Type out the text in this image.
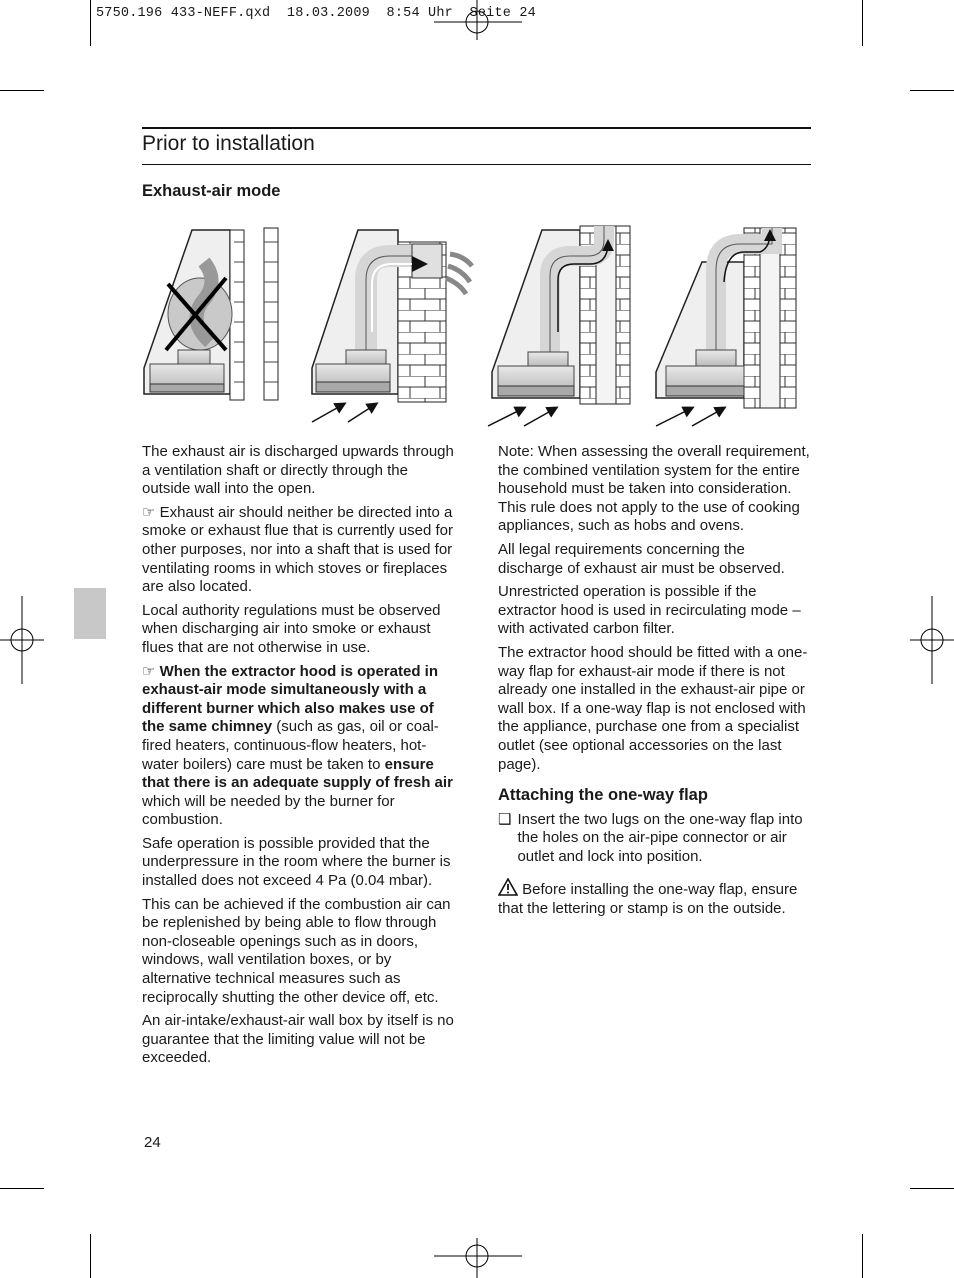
5750.196 433-NEFF.qxd  18.03.2009  8:54 Uhr  Seite 24
Prior to installation
Exhaust-air mode

The exhaust air is discharged upwards through a ventilation shaft or directly through the outside wall into the open.

☞ Exhaust air should neither be directed into a smoke or exhaust flue that is currently used for other purposes, nor into a shaft that is used for ventilating rooms in which stoves or fireplaces are also located.

Local authority regulations must be observed when discharging air into smoke or exhaust flues that are not otherwise in use.

☞ When the extractor hood is operated in exhaust-air mode simultaneously with a different burner which also makes use of the same chimney (such as gas, oil or coal-fired heaters, continuous-flow heaters, hot-water boilers) care must be taken to ensure that there is an adequate supply of fresh air which will be needed by the burner for combustion.

Safe operation is possible provided that the underpressure in the room where the burner is installed does not exceed 4 Pa (0.04 mbar).

This can be achieved if the combustion air can be replenished by being able to flow through non-closeable openings such as in doors, windows, wall ventilation boxes, or by alternative technical measures such as reciprocally shutting the other device off, etc.

An air-intake/exhaust-air wall box by itself is no guarantee that the limiting value will not be exceeded.

Note: When assessing the overall requirement, the combined ventilation system for the entire household must be taken into consideration. This rule does not apply to the use of cooking appliances, such as hobs and ovens.

All legal requirements concerning the discharge of exhaust air must be observed.

Unrestricted operation is possible if the extractor hood is used in recirculating mode – with activated carbon filter.

The extractor hood should be fitted with a one-way flap for exhaust-air mode if there is not already one installed in the exhaust-air pipe or wall box. If a one-way flap is not enclosed with the appliance, purchase one from a specialist outlet (see optional accessories on the last page).

Attaching the one-way flap
❑ Insert the two lugs on the one-way flap into the holes on the air-pipe connector or air outlet and lock into position.

Before installing the one-way flap, ensure that the lettering or stamp is on the outside.

24
